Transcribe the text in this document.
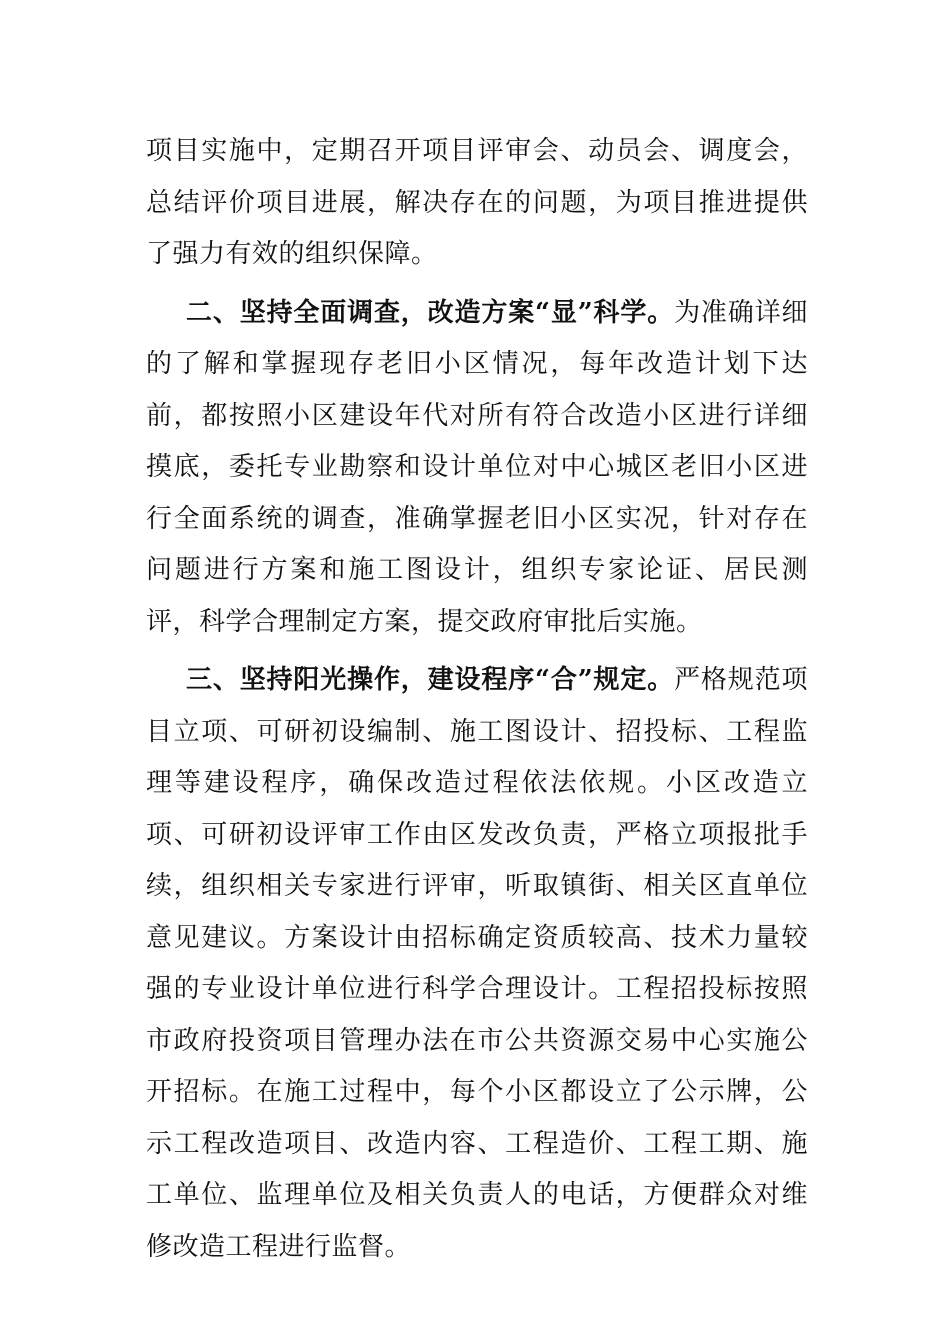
项目实施中，定期召开项目评审会、动员会、调度会，总结评价项目进展，解决存在的问题，为项目推进提供了强力有效的组织保障。

二、坚持全面调查，改造方案“显”科学。为准确详细的了解和掌握现存老旧小区情况，每年改造计划下达前，都按照小区建设年代对所有符合改造小区进行详细摸底，委托专业勘察和设计单位对中心城区老旧小区进行全面系统的调查，准确掌握老旧小区实况，针对存在问题进行方案和施工图设计，组织专家论证、居民测评，科学合理制定方案，提交政府审批后实施。

三、坚持阳光操作，建设程序“合”规定。严格规范项目立项、可研初设编制、施工图设计、招投标、工程监理等建设程序，确保改造过程依法依规。小区改造立项、可研初设评审工作由区发改负责，严格立项报批手续，组织相关专家进行评审，听取镇街、相关区直单位意见建议。方案设计由招标确定资质较高、技术力量较强的专业设计单位进行科学合理设计。工程招投标按照市政府投资项目管理办法在市公共资源交易中心实施公开招标。在施工过程中，每个小区都设立了公示牌，公示工程改造项目、改造内容、工程造价、工程工期、施工单位、监理单位及相关负责人的电话，方便群众对维修改造工程进行监督。
